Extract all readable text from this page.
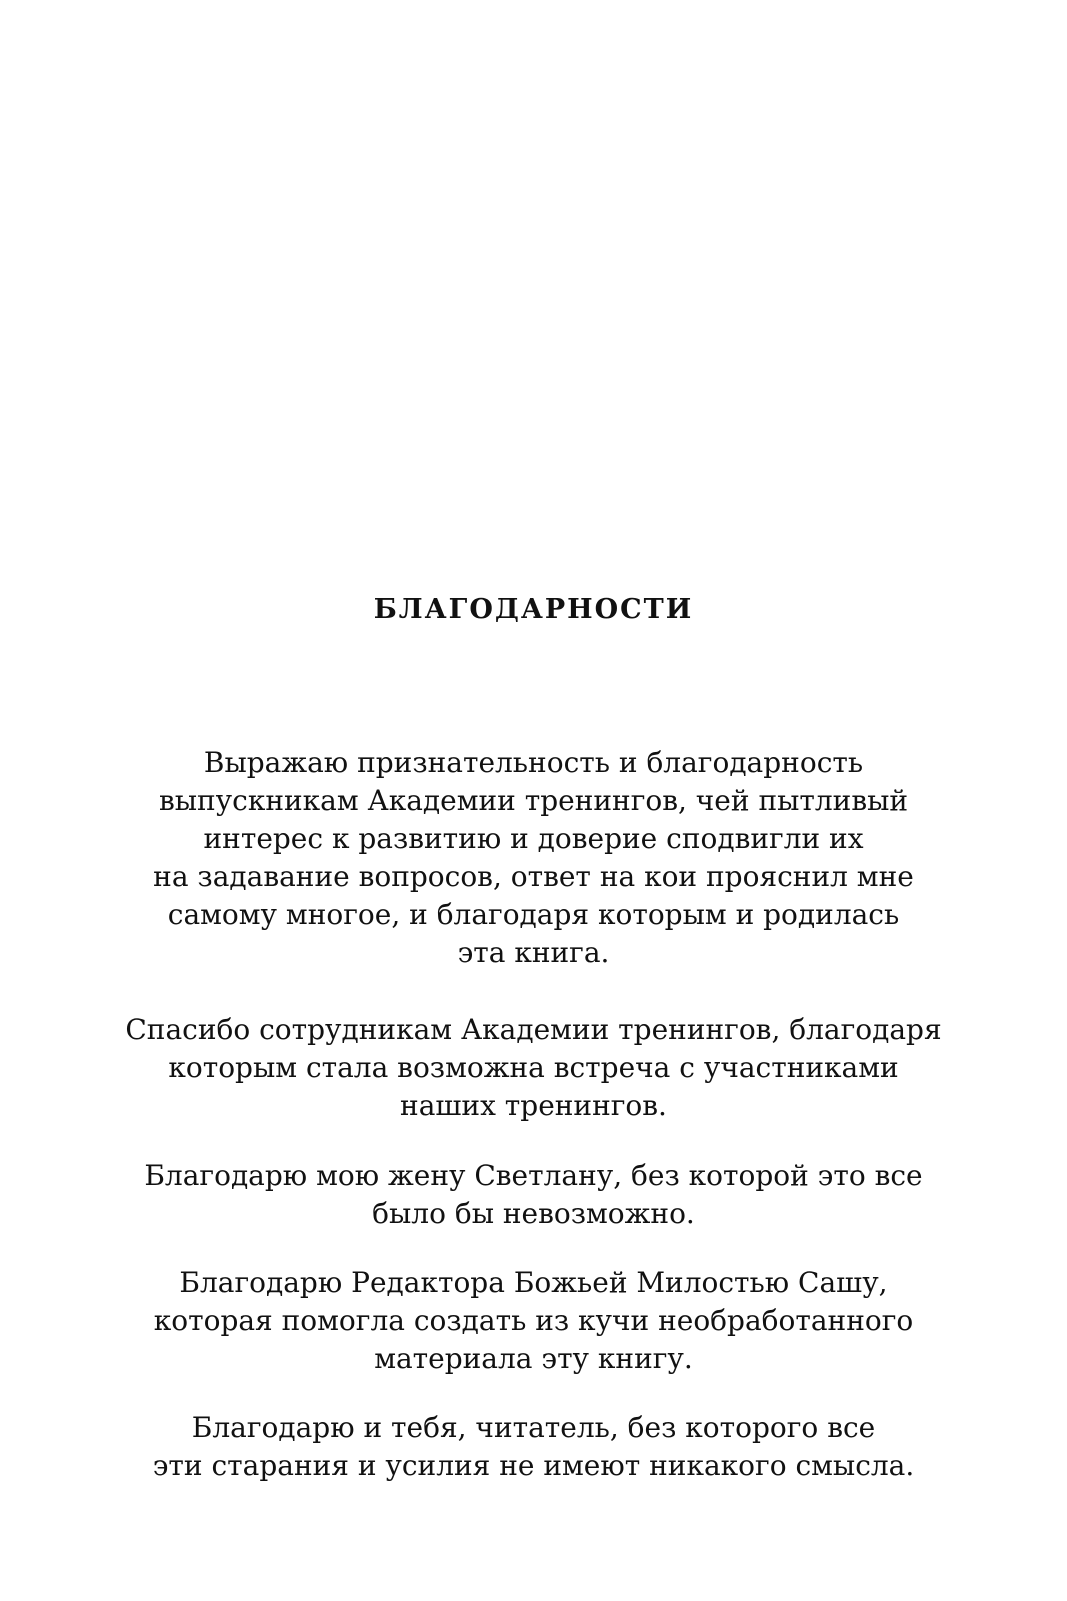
БЛАГОДАРНОСТИ
Выражаю признательность и благодарность
выпускникам Академии тренингов, чей пытливый
интерес к развитию и доверие сподвигли их
на задавание вопросов, ответ на кои прояснил мне
самому многое, и благодаря которым и родилась
эта книга.
Спасибо сотрудникам Академии тренингов, благодаря
которым стала возможна встреча с участниками
наших тренингов.
Благодарю мою жену Светлану, без которой это все
было бы невозможно.
Благодарю Редактора Божьей Милостью Сашу,
которая помогла создать из кучи необработанного
материала эту книгу.
Благодарю и тебя, читатель, без которого все
эти старания и усилия не имеют никакого смысла.
